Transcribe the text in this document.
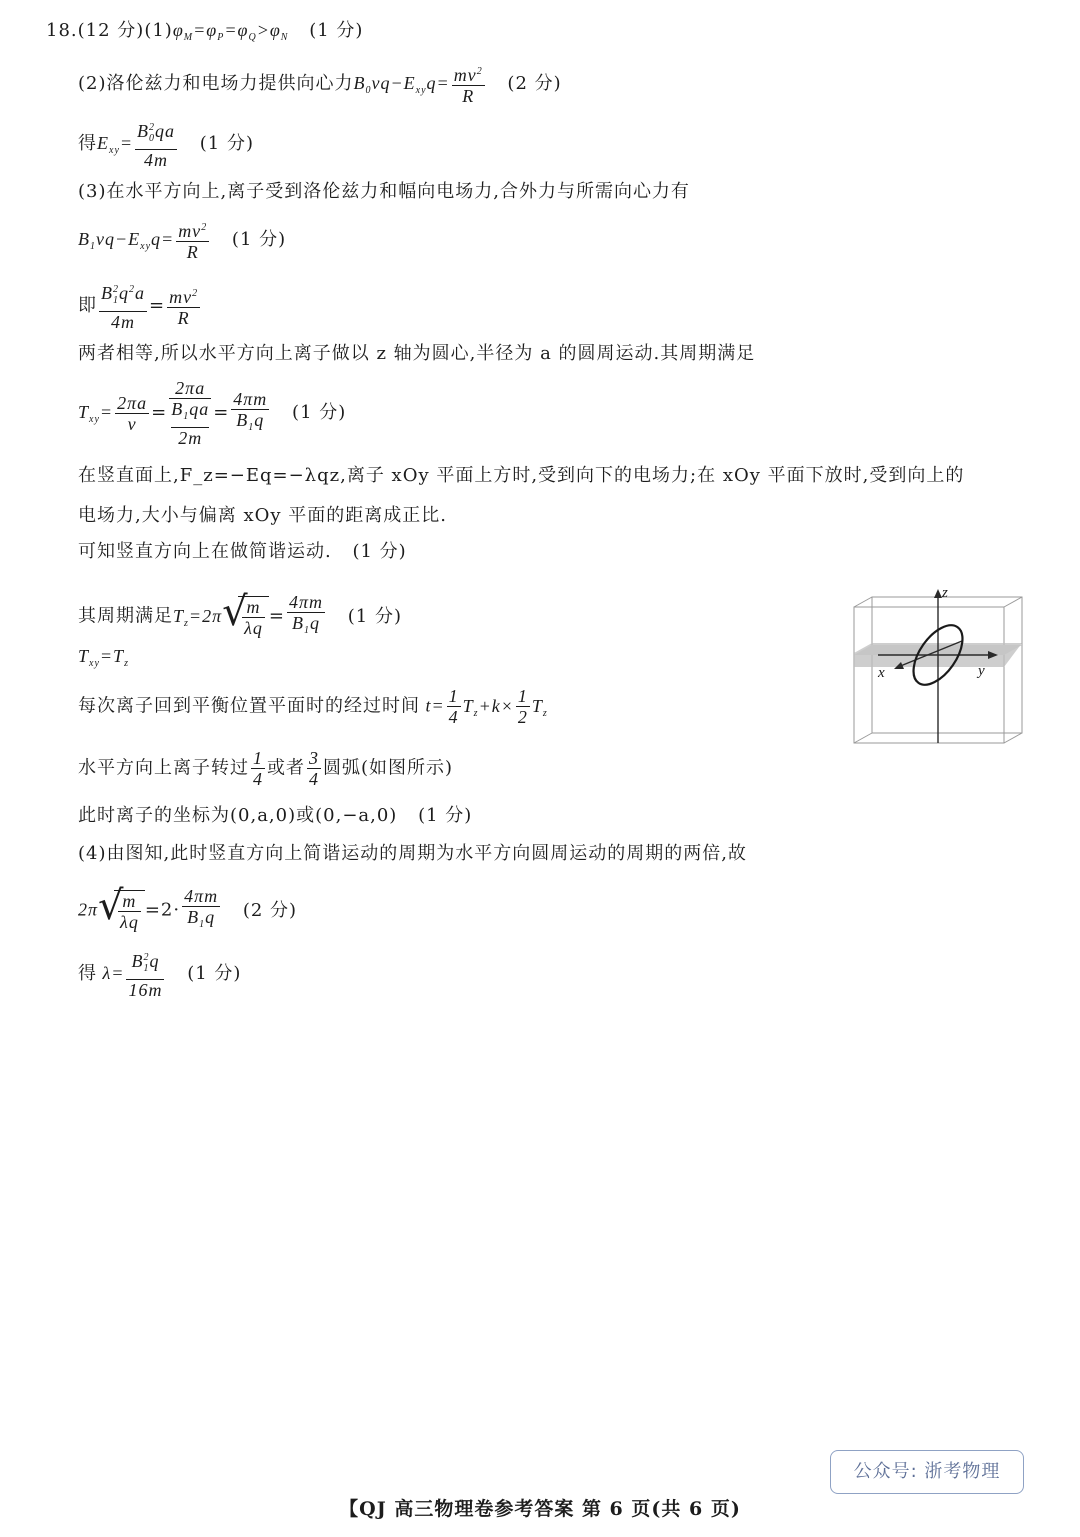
18.(12 分)$(1)\varphi_M=\varphi_P=\varphi_Q>\varphi_N$ (1 分)
(2)洛伦兹力和电场力提供向心力$B_0vq-E_{xy}q= \frac{mv^2}{R} (2$ 分)
得$E_{xy}= \frac{B^2_0qa}{4m} (1$ 分)
(3)在水平方向上,离子受到洛伦兹力和幅向电场力,合外力与所需向心力有
$B_1vq-E_{xy}q= \frac{mv^2}{R} (1$ 分)
即 $\frac{B^2_1q^2a}{4m} = \frac{mv^2}{R}$
两者相等,所以水平方向上离子做以 z 轴为圆心,半径为 a 的圆周运动.其周期满足
$T_{xy}= \frac{2\pi a}{v}$ =
2πa
$B_1qa$
2m
= $\frac{4\pi m}{B_1q} (1$ 分)
在竖直面上,F_z=−Eq=−λqz,离子 xOy 平面上方时,受到向下的电场力;在 xOy 平面下放时,受到向上的
电场力,大小与偏离 xOy 平面的距离成正比.
可知竖直方向上在做简谐运动. (1 分)
其周期满足$T_z=2\pi$ √
$\frac{m}{\lambda q} = \frac{4\pi m}{B_1q} (1$ 分)
$T_{xy}=T_z$
每次离子回到平衡位置平面时的经过时间 $t= \frac{1}{4} T_z+k\times \frac{1}{2} T_z$
水平方向上离子转过 $\frac{1}{4}$ 或者 $\frac{3}{4}$ 圆弧(如图所示)
此时离子的坐标为(0,a,0)或(0,−a,0) (1 分)
(4)由图知,此时竖直方向上简谐运动的周期为水平方向圆周运动的周期的两倍,故
2π √
$\frac{m}{\lambda q} =2\cdot \frac{4\pi m}{B_1q} (2$ 分)
得 $\lambda= \frac{B^2_1q}{16m} (1$ 分)
z
x	y
公众号: 浙考物理
【QJ 高三物理卷参考答案 第 6 页(共 6 页)
